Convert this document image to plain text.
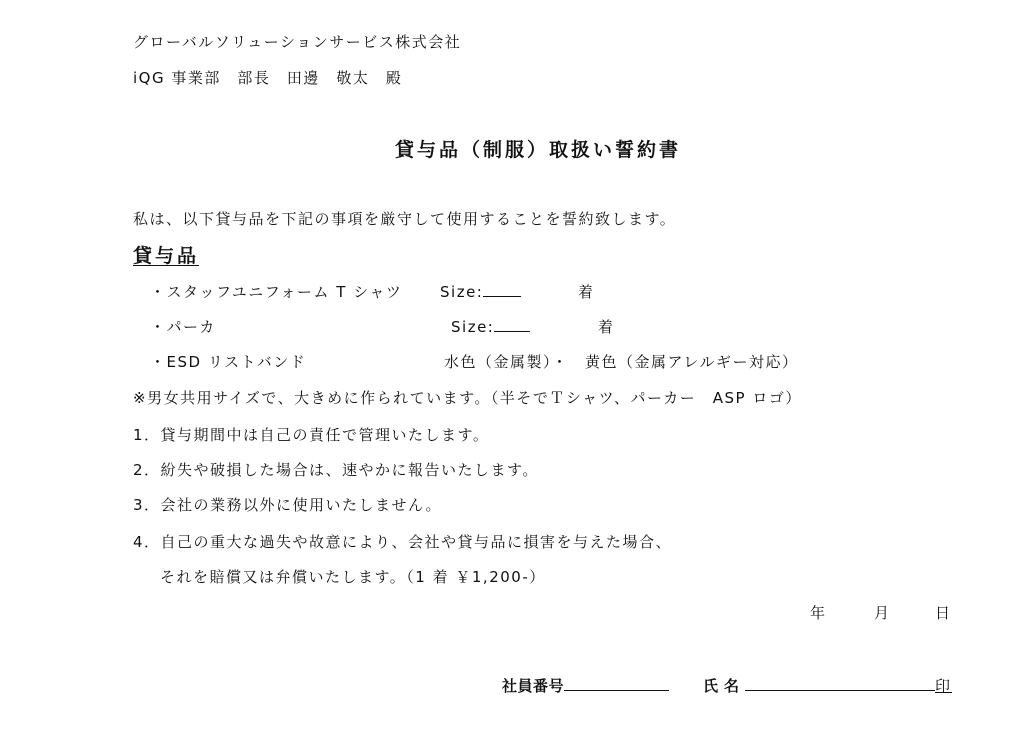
グローバルソリューションサービス株式会社
iQG 事業部　部長　田邊　敬太　殿
貸与品（制服）取扱い誓約書
私は、以下貸与品を下記の事項を厳守して使用することを誓約致します。
貸与品
・スタッフユニフォーム T シャツ	Size:	着
・パーカ	Size:	着
・ESD リストバンド	水色（金属製）・　黄色（金属アレルギー対応）
※男女共用サイズで、大きめに作られています。（半そでＴシャツ、パーカー　ASP ロゴ）
1．貸与期間中は自己の責任で管理いたします。
2．紛失や破損した場合は、速やかに報告いたします。
3．会社の業務以外に使用いたしません。
4．自己の重大な過失や故意により、会社や貸与品に損害を与えた場合、
それを賠償又は弁償いたします。（1 着 ￥1,200-）
年	月	日
社員番号	氏名	印
